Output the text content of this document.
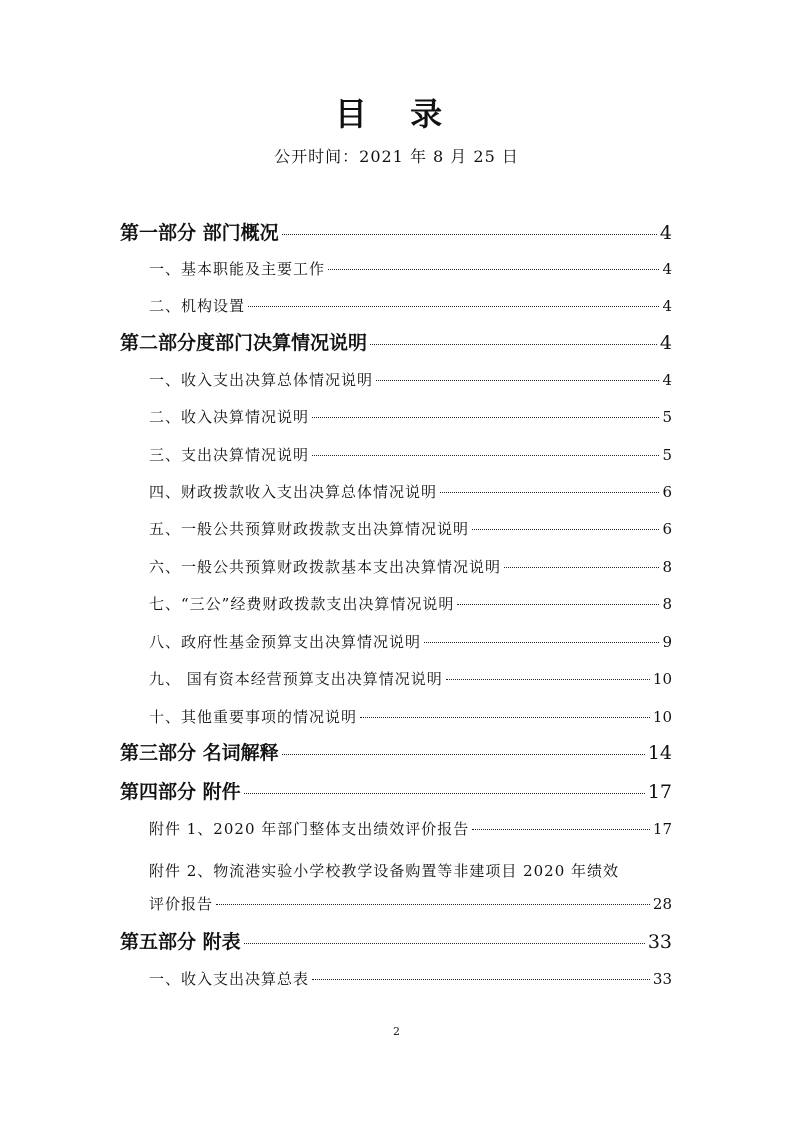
目 录
公开时间：2021 年 8 月 25 日
第一部分 部门概况	4
一、基本职能及主要工作	4
二、机构设置	4
第二部分度部门决算情况说明	4
一、收入支出决算总体情况说明	4
二、收入决算情况说明	5
三、支出决算情况说明	5
四、财政拨款收入支出决算总体情况说明	6
五、一般公共预算财政拨款支出决算情况说明	6
六、一般公共预算财政拨款基本支出决算情况说明	8
七、“三公”经费财政拨款支出决算情况说明	8
八、政府性基金预算支出决算情况说明	9
九、 国有资本经营预算支出决算情况说明	10
十、其他重要事项的情况说明	10
第三部分 名词解释	14
第四部分 附件	17
附件 1、2020 年部门整体支出绩效评价报告	17
附件 2、物流港实验小学校教学设备购置等非建项目 2020 年绩效
评价报告	28
第五部分 附表	33
一、收入支出决算总表	33
2
